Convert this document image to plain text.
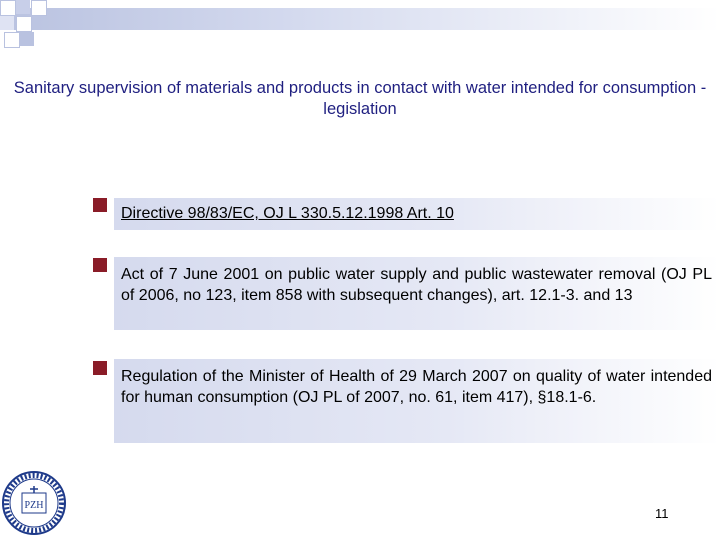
Sanitary supervision of materials and products in contact with water intended for consumption - legislation
Directive 98/83/EC, OJ L 330.5.12.1998 Art. 10
Act of 7 June 2001 on public water supply and public wastewater removal (OJ PL of 2006, no 123, item 858 with subsequent changes), art. 12.1-3. and 13
Regulation of the Minister of Health of 29 March 2007 on quality of water intended for human consumption (OJ PL of 2007, no. 61, item 417), §18.1-6.
PZH
11
